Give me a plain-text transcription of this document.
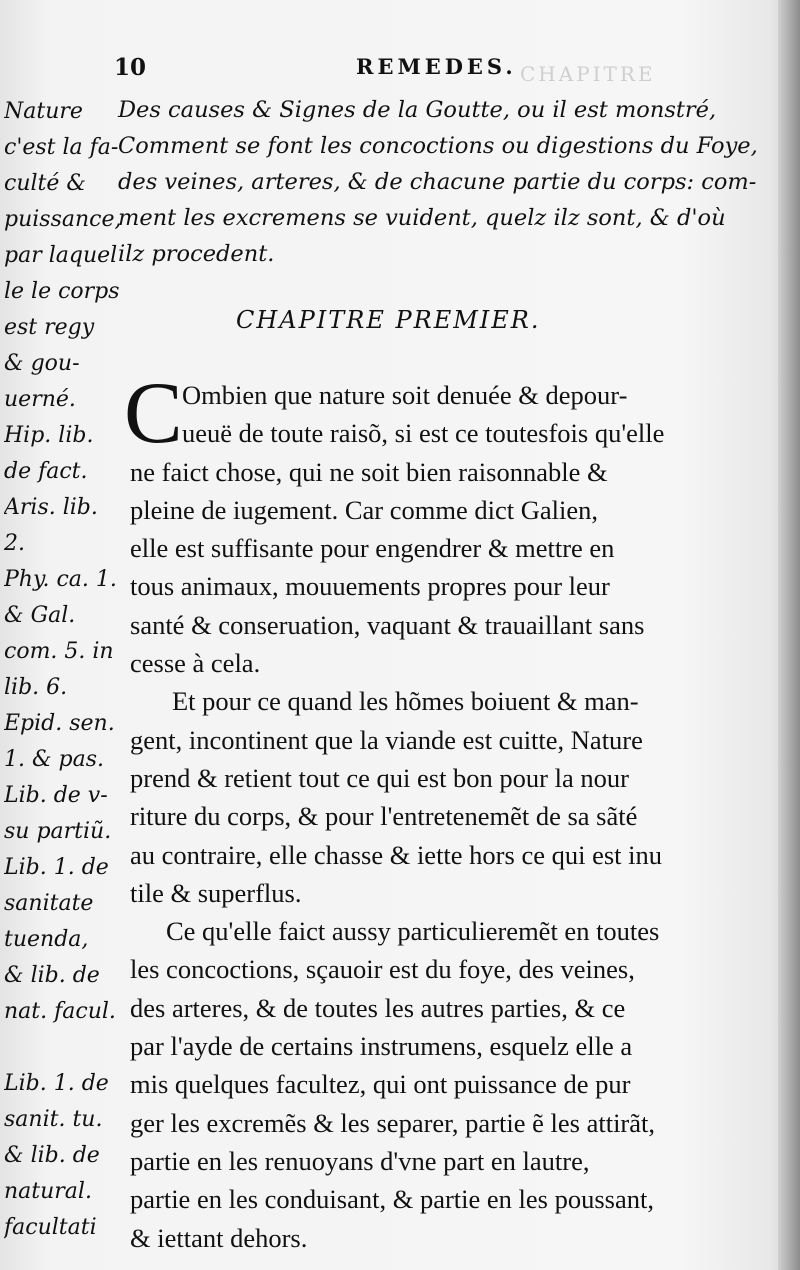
CHAPITRE
10	REMEDES.
Des causes & Signes de la Goutte, ou il est monstré,
Comment se font les concoctions ou digestions du Foye,
des veines, arteres, & de chacune partie du corps: com-
ment les excremens se vuident, quelz ilz sont, & d'où
ilz procedent.
CHAPITRE PREMIER.
C Ombien que nature soit denuée & depour-
ueuë de toute raisõ, si est ce toutesfois qu'elle
ne faict chose, qui ne soit bien raisonnable &
pleine de iugement. Car comme dict Galien,
elle est suffisante pour engendrer & mettre en
tous animaux, mouuements propres pour leur
santé & conseruation, vaquant & trauaillant sans
cesse à cela.
Et pour ce quand les hõmes boiuent & man-
gent, incontinent que la viande est cuitte, Nature
prend & retient tout ce qui est bon pour la nour
riture du corps, & pour l'entretenemẽt de sa sãté
au contraire, elle chasse & iette hors ce qui est inu
tile & superflus.
Ce qu'elle faict aussy particulieremẽt en toutes
les concoctions, sçauoir est du foye, des veines,
des arteres, & de toutes les autres parties, & ce
par l'ayde de certains instrumens, esquelz elle a
mis quelques facultez, qui ont puissance de pur
ger les excremẽs & les separer, partie ẽ les attirãt,
partie en les renuoyans d'vne part en lautre,
partie en les conduisant, & partie en les poussant,
& iettant dehors.
Nature
c'est la fa-
culté &
puissance,
par laquel
le le corps
est regy
& gou-
uerné.
Hip. lib.
de fact.
Aris. lib.
2.
Phy. ca. 1.
& Gal.
com. 5. in
lib. 6.
Epid. sen.
1. & pas.
Lib. de v-
su partiũ.
Lib. 1. de
sanitate
tuenda,
& lib. de
nat. facul.
Lib. 1. de
sanit. tu.
& lib. de
natural.
facultati
